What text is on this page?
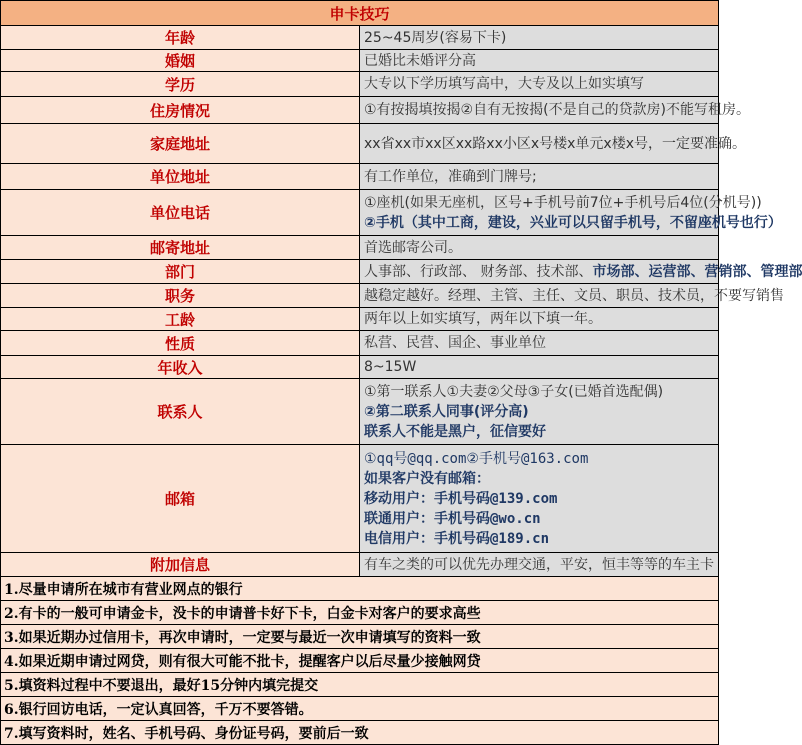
申卡技巧	
年龄	25~45周岁(容易下卡)
婚姻	已婚比未婚评分高
学历	大专以下学历填写高中，大专及以上如实填写
住房情况	①有按揭填按揭②自有无按揭(不是自己的贷款房)不能写租房。
家庭地址	xx省xx市xx区xx路xx小区x号楼x单元x楼x号，一定要准确。
单位地址	有工作单位，准确到门牌号;
单位电话	①座机(如果无座机，区号+手机号前7位+手机号后4位(分机号))
②手机（其中工商，建设，兴业可以只留手机号，不留座机号也行）

邮寄地址	首选邮寄公司。
部门	人事部、行政部、 财务部、技术部、市场部、运营部、营销部、管理部
职务	越稳定越好。经理、主管、主任、文员、职员、技术员，不要写销售
工龄	两年以上如实填写，两年以下填一年。
性质	私营、民营、国企、事业单位
年收入	8~15W
联系人	①第一联系人①夫妻②父母③子女(已婚首选配偶)
②第二联系人同事(评分高)
联系人不能是黑户，征信要好

邮箱	①qq号@qq.com②手机号@163.com
如果客户没有邮箱：
移动用户：手机号码@139.com
联通用户：手机号码@wo.cn
电信用户：手机号码@189.cn

附加信息	有车之类的可以优先办理交通，平安，恒丰等等的车主卡
1.尽量申请所在城市有营业网点的银行	
2.有卡的一般可申请金卡，没卡的申请普卡好下卡，白金卡对客户的要求高些	
3.如果近期办过信用卡，再次申请时，一定要与最近一次申请填写的资料一致	
4.如果近期申请过网贷，则有很大可能不批卡，提醒客户以后尽量少接触网贷	
5.填资料过程中不要退出，最好15分钟内填完提交	
6.银行回访电话，一定认真回答，千万不要答错。	
7.填写资料时，姓名、手机号码、身份证号码，要前后一致	
